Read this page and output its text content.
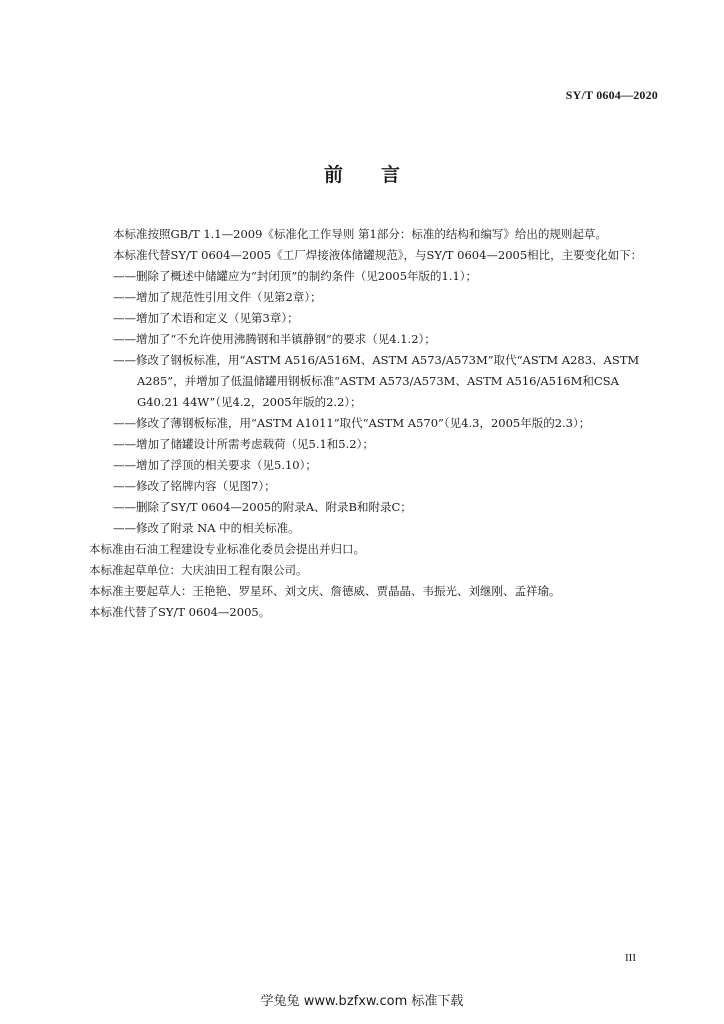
SY/T 0604—2020
前言

本标准按照GB/T 1.1—2009《标准化工作导则 第1部分：标准的结构和编写》给出的规则起草。

本标准代替SY/T 0604—2005《工厂焊接液体储罐规范》，与SY/T 0604—2005相比，主要变化如下：

——删除了概述中储罐应为“封闭顶”的制约条件（见2005年版的1.1）；

——增加了规范性引用文件（见第2章）；

——增加了术语和定义（见第3章）；

——增加了“不允许使用沸腾钢和半镇静钢”的要求（见4.1.2）；

——修改了钢板标准，用“ASTM A516/A516M、ASTM A573/A573M”取代“ASTM A283、ASTM A285”，并增加了低温储罐用钢板标准“ASTM A573/A573M、ASTM A516/A516M和CSA G40.21 44W”（见4.2，2005年版的2.2）；

——修改了薄钢板标准，用“ASTM A1011”取代“ASTM A570”（见4.3，2005年版的2.3）；

——增加了储罐设计所需考虑载荷（见5.1和5.2）；

——增加了浮顶的相关要求（见5.10）；

——修改了铭牌内容（见图7）；

——删除了SY/T 0604—2005的附录A、附录B和附录C；

——修改了附录 NA 中的相关标准。

本标准由石油工程建设专业标准化委员会提出并归口。

本标准起草单位：大庆油田工程有限公司。

本标准主要起草人：王艳艳、罗星环、刘文庆、詹德威、贾晶晶、韦振光、刘继刚、孟祥瑜。

本标准代替了SY/T 0604—2005。

III
学兔兔 www.bzfxw.com 标准下载
